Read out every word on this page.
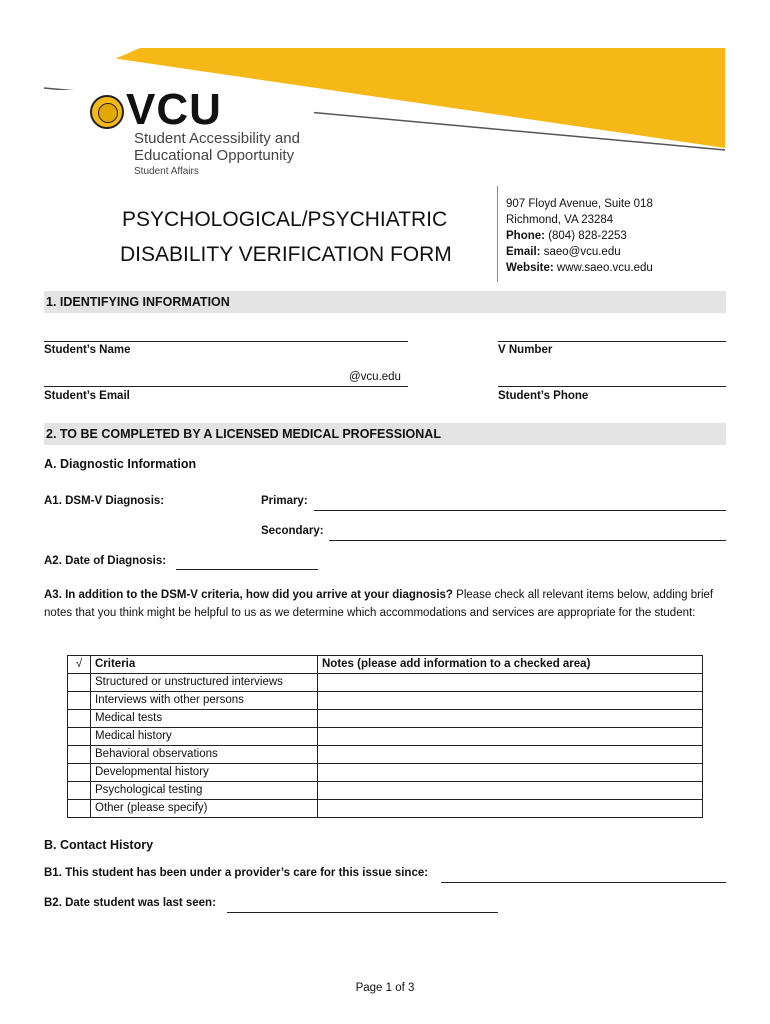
VCU
Student Accessibility and
Educational Opportunity
Student Affairs
PSYCHOLOGICAL/PSYCHIATRIC
DISABILITY VERIFICATION FORM
907 Floyd Avenue, Suite 018
Richmond, VA 23284
Phone: (804) 828-2253
Email: saeo@vcu.edu
Website: www.saeo.vcu.edu
1. IDENTIFYING INFORMATION
Student’s Name	V Number
@vcu.edu
Student’s Email	Student’s Phone
2. TO BE COMPLETED BY A LICENSED MEDICAL PROFESSIONAL
A. Diagnostic Information
A1. DSM-V Diagnosis:	Primary:
Secondary:
A2. Date of Diagnosis:
A3. In addition to the DSM-V criteria, how did you arrive at your diagnosis? Please check all relevant items below, adding brief notes that you think might be helpful to us as we determine which accommodations and services are appropriate for the student:
√	Criteria	Notes (please add information to a checked area)
	Structured or unstructured interviews	
	Interviews with other persons	
	Medical tests	
	Medical history	
	Behavioral observations	
	Developmental history	
	Psychological testing	
	Other (please specify)	
B. Contact History
B1. This student has been under a provider’s care for this issue since:
B2. Date student was last seen:
Page 1 of 3
